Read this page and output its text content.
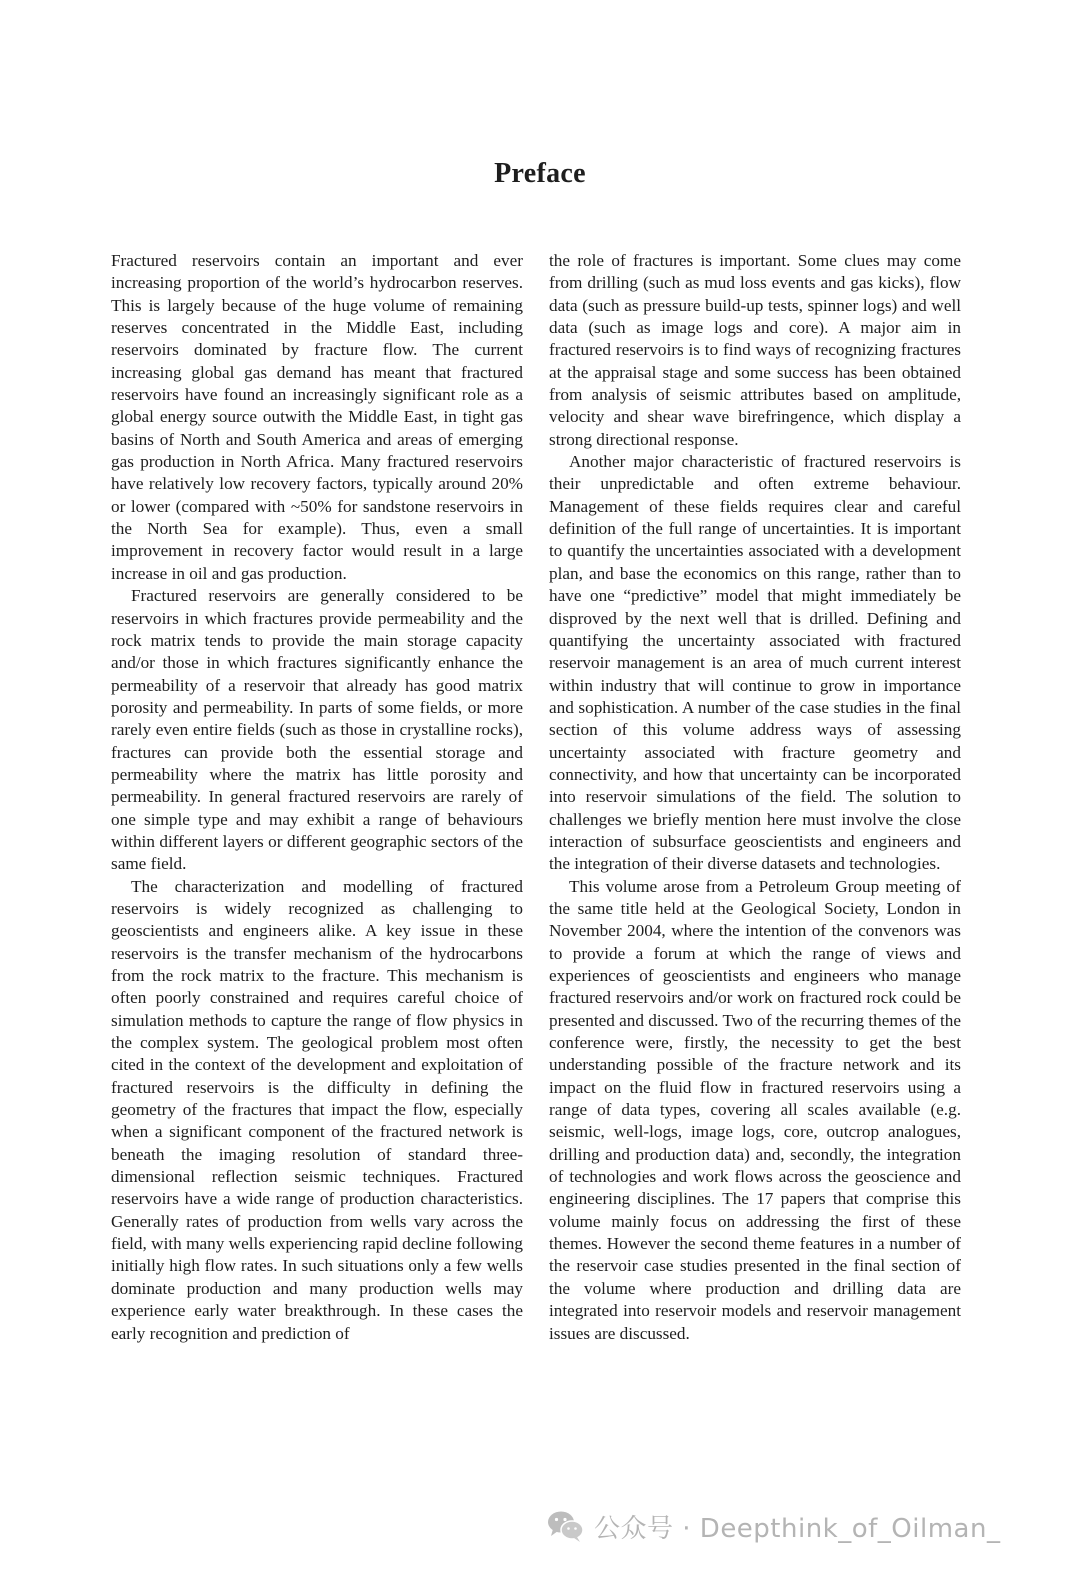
Preface

Fractured reservoirs contain an important and ever increasing proportion of the world’s hydrocarbon reserves. This is largely because of the huge volume of remaining reserves concentrated in the Middle East, including reservoirs dominated by fracture flow. The current increasing global gas demand has meant that fractured reservoirs have found an increasingly significant role as a global energy source outwith the Middle East, in tight gas basins of North and South America and areas of emerging gas production in North Africa. Many fractured reservoirs have relatively low recovery factors, typically around 20% or lower (compared with ~50% for sandstone reservoirs in the North Sea for example). Thus, even a small improvement in recovery factor would result in a large increase in oil and gas production.

Fractured reservoirs are generally considered to be reservoirs in which fractures provide permeability and the rock matrix tends to provide the main storage capacity and/or those in which fractures significantly enhance the permeability of a reservoir that already has good matrix porosity and permeability. In parts of some fields, or more rarely even entire fields (such as those in crystalline rocks), fractures can provide both the essential storage and permeability where the matrix has little porosity and permeability. In general fractured reservoirs are rarely of one simple type and may exhibit a range of behaviours within different layers or different geographic sectors of the same field.

The characterization and modelling of fractured reservoirs is widely recognized as challenging to geoscientists and engineers alike. A key issue in these reservoirs is the transfer mechanism of the hydrocarbons from the rock matrix to the fracture. This mechanism is often poorly constrained and requires careful choice of simulation methods to capture the range of flow physics in the complex system. The geological problem most often cited in the context of the development and exploitation of fractured reservoirs is the difficulty in defining the geometry of the fractures that impact the flow, especially when a significant component of the fractured network is beneath the imaging resolution of standard three-dimensional reflection seismic techniques. Fractured reservoirs have a wide range of production characteristics. Generally rates of production from wells vary across the field, with many wells experiencing rapid decline following initially high flow rates. In such situations only a few wells dominate production and many production wells may experience early water breakthrough. In these cases the early recognition and prediction of

the role of fractures is important. Some clues may come from drilling (such as mud loss events and gas kicks), flow data (such as pressure build-up tests, spinner logs) and well data (such as image logs and core). A major aim in fractured reservoirs is to find ways of recognizing fractures at the appraisal stage and some success has been obtained from analysis of seismic attributes based on amplitude, velocity and shear wave birefringence, which display a strong directional response.

Another major characteristic of fractured reservoirs is their unpredictable and often extreme behaviour. Management of these fields requires clear and careful definition of the full range of uncertainties. It is important to quantify the uncertainties associated with a development plan, and base the economics on this range, rather than to have one “predictive” model that might immediately be disproved by the next well that is drilled. Defining and quantifying the uncertainty associated with fractured reservoir management is an area of much current interest within industry that will continue to grow in importance and sophistication. A number of the case studies in the final section of this volume address ways of assessing uncertainty associated with fracture geometry and connectivity, and how that uncertainty can be incorporated into reservoir simulations of the field. The solution to challenges we briefly mention here must involve the close interaction of subsurface geoscientists and engineers and the integration of their diverse datasets and technologies.

This volume arose from a Petroleum Group meeting of the same title held at the Geological Society, London in November 2004, where the intention of the convenors was to provide a forum at which the range of views and experiences of geoscientists and engineers who manage fractured reservoirs and/or work on fractured rock could be presented and discussed. Two of the recurring themes of the conference were, firstly, the necessity to get the best understanding possible of the fracture network and its impact on the fluid flow in fractured reservoirs using a range of data types, covering all scales available (e.g. seismic, well-logs, image logs, core, outcrop analogues, drilling and production data) and, secondly, the integration of technologies and work flows across the geoscience and engineering disciplines. The 17 papers that comprise this volume mainly focus on addressing the first of these themes. However the second theme features in a number of the reservoir case studies presented in the final section of the volume where production and drilling data are integrated into reservoir models and reservoir management issues are discussed.

公众号 · Deepthink_of_Oilman_
